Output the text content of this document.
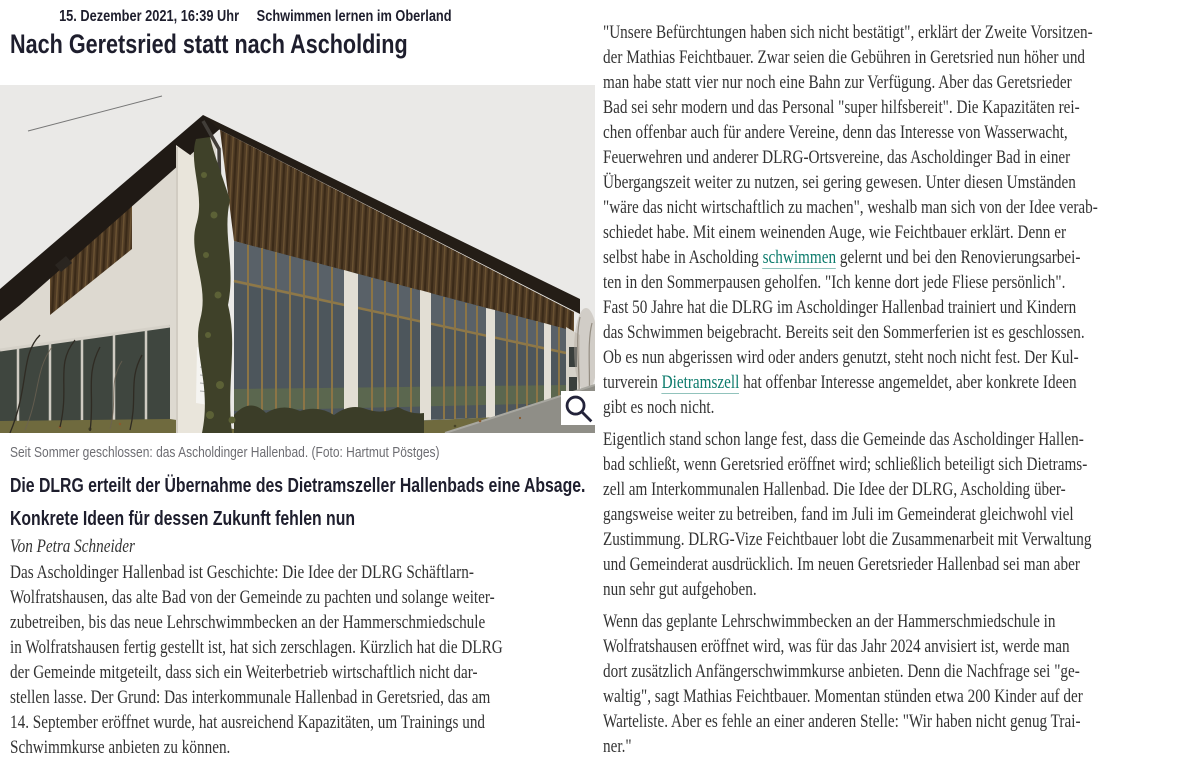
15. Dezember 2021, 16:39 Uhr Schwimmen lernen im Oberland
Nach Geretsried statt nach Ascholding
Seit Sommer geschlossen: das Ascholdinger Hallenbad. (Foto: Hartmut Pöstges)
Die DLRG erteilt der Übernahme des Dietramszeller Hallenbads eine Absage.
Konkrete Ideen für dessen Zukunft fehlen nun
Von Petra Schneider
Das Ascholdinger Hallenbad ist Geschichte: Die Idee der DLRG Schäftlarn-
Wolfratshausen, das alte Bad von der Gemeinde zu pachten und solange weiter-
zubetreiben, bis das neue Lehrschwimmbecken an der Hammerschmiedschule
in Wolfratshausen fertig gestellt ist, hat sich zerschlagen. Kürzlich hat die DLRG
der Gemeinde mitgeteilt, dass sich ein Weiterbetrieb wirtschaftlich nicht dar-
stellen lasse. Der Grund: Das interkommunale Hallenbad in Geretsried, das am
14. September eröffnet wurde, hat ausreichend Kapazitäten, um Trainings und
Schwimmkurse anbieten zu können.
"Unsere Befürchtungen haben sich nicht bestätigt", erklärt der Zweite Vorsitzen-
der Mathias Feichtbauer. Zwar seien die Gebühren in Geretsried nun höher und
man habe statt vier nur noch eine Bahn zur Verfügung. Aber das Geretsrieder
Bad sei sehr modern und das Personal "super hilfsbereit". Die Kapazitäten rei-
chen offenbar auch für andere Vereine, denn das Interesse von Wasserwacht,
Feuerwehren und anderer DLRG-Ortsvereine, das Ascholdinger Bad in einer
Übergangszeit weiter zu nutzen, sei gering gewesen. Unter diesen Umständen
"wäre das nicht wirtschaftlich zu machen", weshalb man sich von der Idee verab-
schiedet habe. Mit einem weinenden Auge, wie Feichtbauer erklärt. Denn er
selbst habe in Ascholding schwimmen gelernt und bei den Renovierungsarbei-
ten in den Sommerpausen geholfen. "Ich kenne dort jede Fliese persönlich".
Fast 50 Jahre hat die DLRG im Ascholdinger Hallenbad trainiert und Kindern
das Schwimmen beigebracht. Bereits seit den Sommerferien ist es geschlossen.
Ob es nun abgerissen wird oder anders genutzt, steht noch nicht fest. Der Kul-
turverein Dietramszell hat offenbar Interesse angemeldet, aber konkrete Ideen
gibt es noch nicht.
Eigentlich stand schon lange fest, dass die Gemeinde das Ascholdinger Hallen-
bad schließt, wenn Geretsried eröffnet wird; schließlich beteiligt sich Dietrams-
zell am Interkommunalen Hallenbad. Die Idee der DLRG, Ascholding über-
gangsweise weiter zu betreiben, fand im Juli im Gemeinderat gleichwohl viel
Zustimmung. DLRG-Vize Feichtbauer lobt die Zusammenarbeit mit Verwaltung
und Gemeinderat ausdrücklich. Im neuen Geretsrieder Hallenbad sei man aber
nun sehr gut aufgehoben.
Wenn das geplante Lehrschwimmbecken an der Hammerschmiedschule in
Wolfratshausen eröffnet wird, was für das Jahr 2024 anvisiert ist, werde man
dort zusätzlich Anfängerschwimmkurse anbieten. Denn die Nachfrage sei "ge-
waltig", sagt Mathias Feichtbauer. Momentan stünden etwa 200 Kinder auf der
Warteliste. Aber es fehle an einer anderen Stelle: "Wir haben nicht genug Trai-
ner."
